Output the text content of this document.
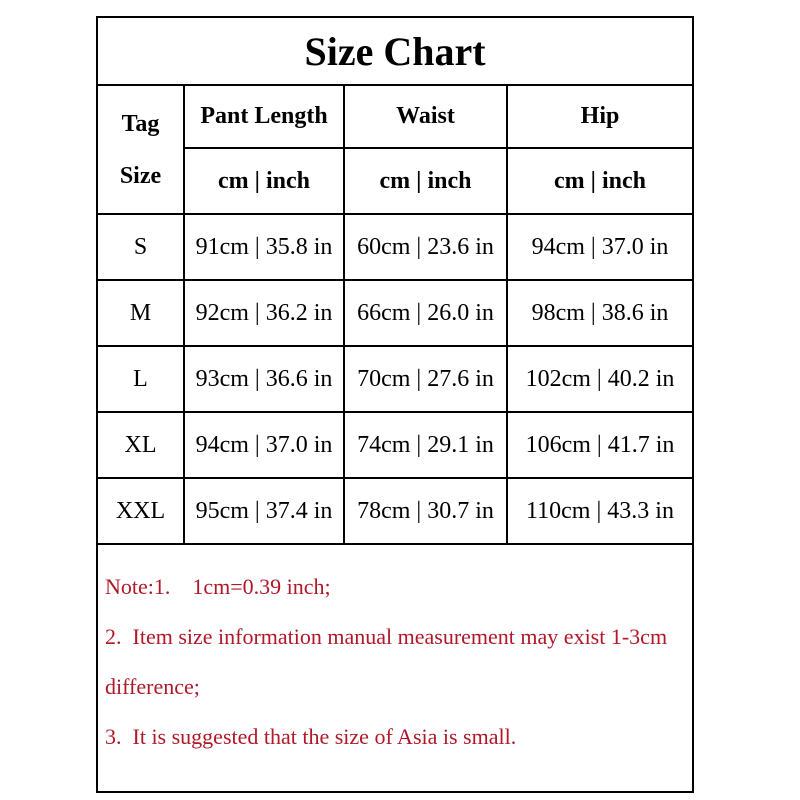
Size Chart			

Tag
Size	Pant Length	Waist	Hip
	cm | inch	cm | inch	cm | inch
S	91cm | 35.8 in	60cm | 23.6 in	94cm | 37.0 in
M	92cm | 36.2 in	66cm | 26.0 in	98cm | 38.6 in
L	93cm | 36.6 in	70cm | 27.6 in	102cm | 40.2 in
XL	94cm | 37.0 in	74cm | 29.1 in	106cm | 41.7 in
XXL	95cm | 37.4 in	78cm | 30.7 in	110cm | 43.3 in

Note:1.    1cm=0.39 inch;

2.  Item size information manual measurement may exist 1-3cm difference;

3.  It is suggested that the size of Asia is small.			
